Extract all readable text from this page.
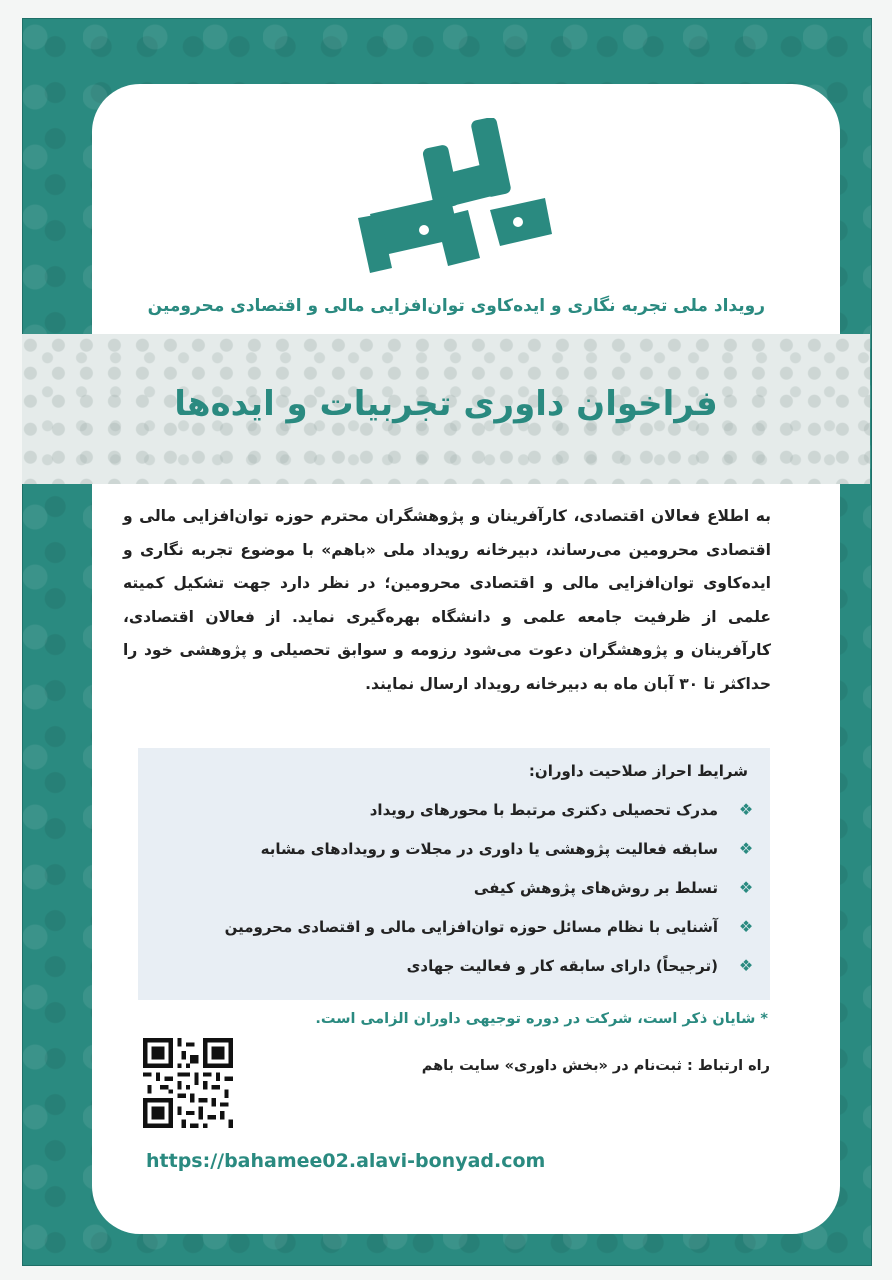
رویداد ملی تجربه نگاری و ایده‌کاوی توان‌افزایی مالی و اقتصادی محرومین
فراخوان داوری تجربیات و ایده‌ها
به اطلاع فعالان اقتصادی، کارآفرینان و پژوهشگران محترم حوزه توان‌افزایی مالی و اقتصادی محرومین می‌رساند، دبیرخانه رویداد ملی «باهم» با موضوع تجربه نگاری و ایده‌کاوی توان‌افزایی مالی و اقتصادی محرومین؛ در نظر دارد جهت تشکیل کمیته علمی از ظرفیت جامعه علمی و دانشگاه بهره‌گیری نماید. از فعالان اقتصادی، کارآفرینان و پژوهشگران دعوت می‌شود رزومه و سوابق تحصیلی و پژوهشی خود را حداکثر تا ۳۰ آبان ماه به دبیرخانه رویداد ارسال نمایند.
شرایط احراز صلاحیت داوران:
❖مدرک تحصیلی دکتری مرتبط با محورهای رویداد
❖سابقه فعالیت پژوهشی یا داوری در مجلات و رویدادهای مشابه
❖تسلط بر روش‌های پژوهش کیفی
❖آشنایی با نظام مسائل حوزه توان‌افزایی مالی و اقتصادی محرومین
❖(ترجیحاً) دارای سابقه کار و فعالیت جهادی
* شایان ذکر است، شرکت در دوره توجیهی داوران الزامی است.
راه ارتباط : ثبت‌نام در «بخش داوری» سایت باهم
https://bahamee02.alavi-bonyad.com
